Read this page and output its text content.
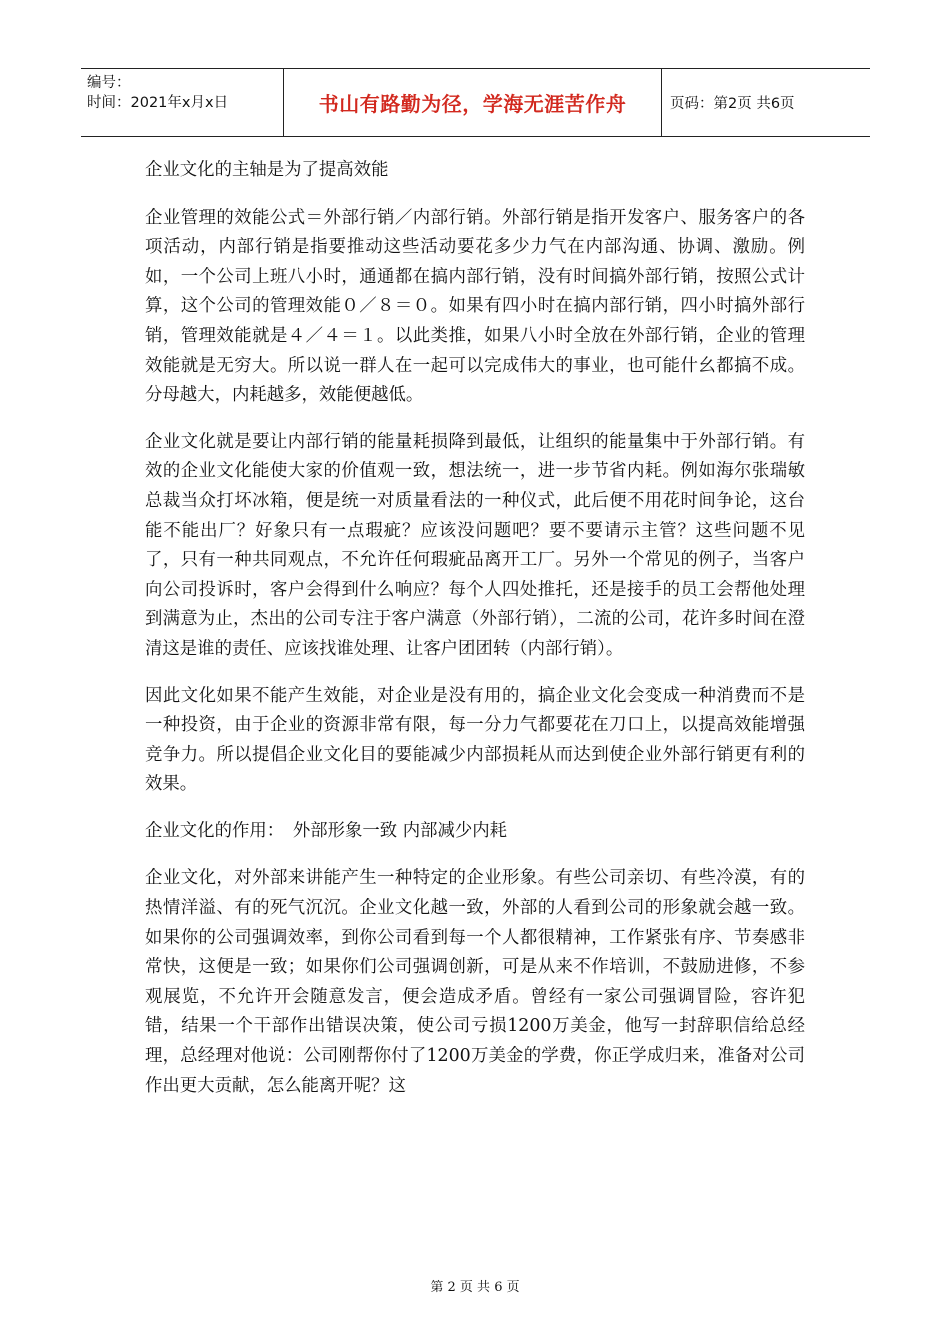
编号：
时间：2021年x月x日	书山有路勤为径，学海无涯苦作舟	页码：第2页 共6页

企业文化的主轴是为了提高效能

企业管理的效能公式＝外部行销／内部行销。外部行销是指开发客户、服务客户的各项活动，内部行销是指要推动这些活动要花多少力气在内部沟通、协调、激励。例如，一个公司上班八小时，通通都在搞内部行销，没有时间搞外部行销，按照公式计算，这个公司的管理效能０／８＝０。如果有四小时在搞内部行销，四小时搞外部行销，管理效能就是４／４＝１。以此类推，如果八小时全放在外部行销，企业的管理效能就是无穷大。所以说一群人在一起可以完成伟大的事业，也可能什幺都搞不成。分母越大，内耗越多，效能便越低。

企业文化就是要让内部行销的能量耗损降到最低，让组织的能量集中于外部行销。有效的企业文化能使大家的价值观一致，想法统一，进一步节省内耗。例如海尔张瑞敏总裁当众打坏冰箱，便是统一对质量看法的一种仪式，此后便不用花时间争论，这台能不能出厂？好象只有一点瑕疵？应该没问题吧？要不要请示主管？这些问题不见了，只有一种共同观点，不允许任何瑕疵品离开工厂。另外一个常见的例子，当客户向公司投诉时，客户会得到什么响应？每个人四处推托，还是接手的员工会帮他处理到满意为止，杰出的公司专注于客户满意（外部行销），二流的公司，花许多时间在澄清这是谁的责任、应该找谁处理、让客户团团转（内部行销）。

因此文化如果不能产生效能，对企业是没有用的，搞企业文化会变成一种消费而不是一种投资，由于企业的资源非常有限，每一分力气都要花在刀口上，以提高效能增强竞争力。所以提倡企业文化目的要能减少内部损耗从而达到使企业外部行销更有利的效果。

企业文化的作用：　外部形象一致 内部减少内耗

企业文化，对外部来讲能产生一种特定的企业形象。有些公司亲切、有些冷漠，有的热情洋溢、有的死气沉沉。企业文化越一致，外部的人看到公司的形象就会越一致。如果你的公司强调效率，到你公司看到每一个人都很精神，工作紧张有序、节奏感非常快，这便是一致；如果你们公司强调创新，可是从来不作培训，不鼓励进修，不参观展览，不允许开会随意发言，便会造成矛盾。曾经有一家公司强调冒险，容许犯错，结果一个干部作出错误决策，使公司亏损1200万美金，他写一封辞职信给总经理，总经理对他说：公司刚帮你付了1200万美金的学费，你正学成归来，准备对公司作出更大贡献，怎么能离开呢？这

第 2 页 共 6 页
